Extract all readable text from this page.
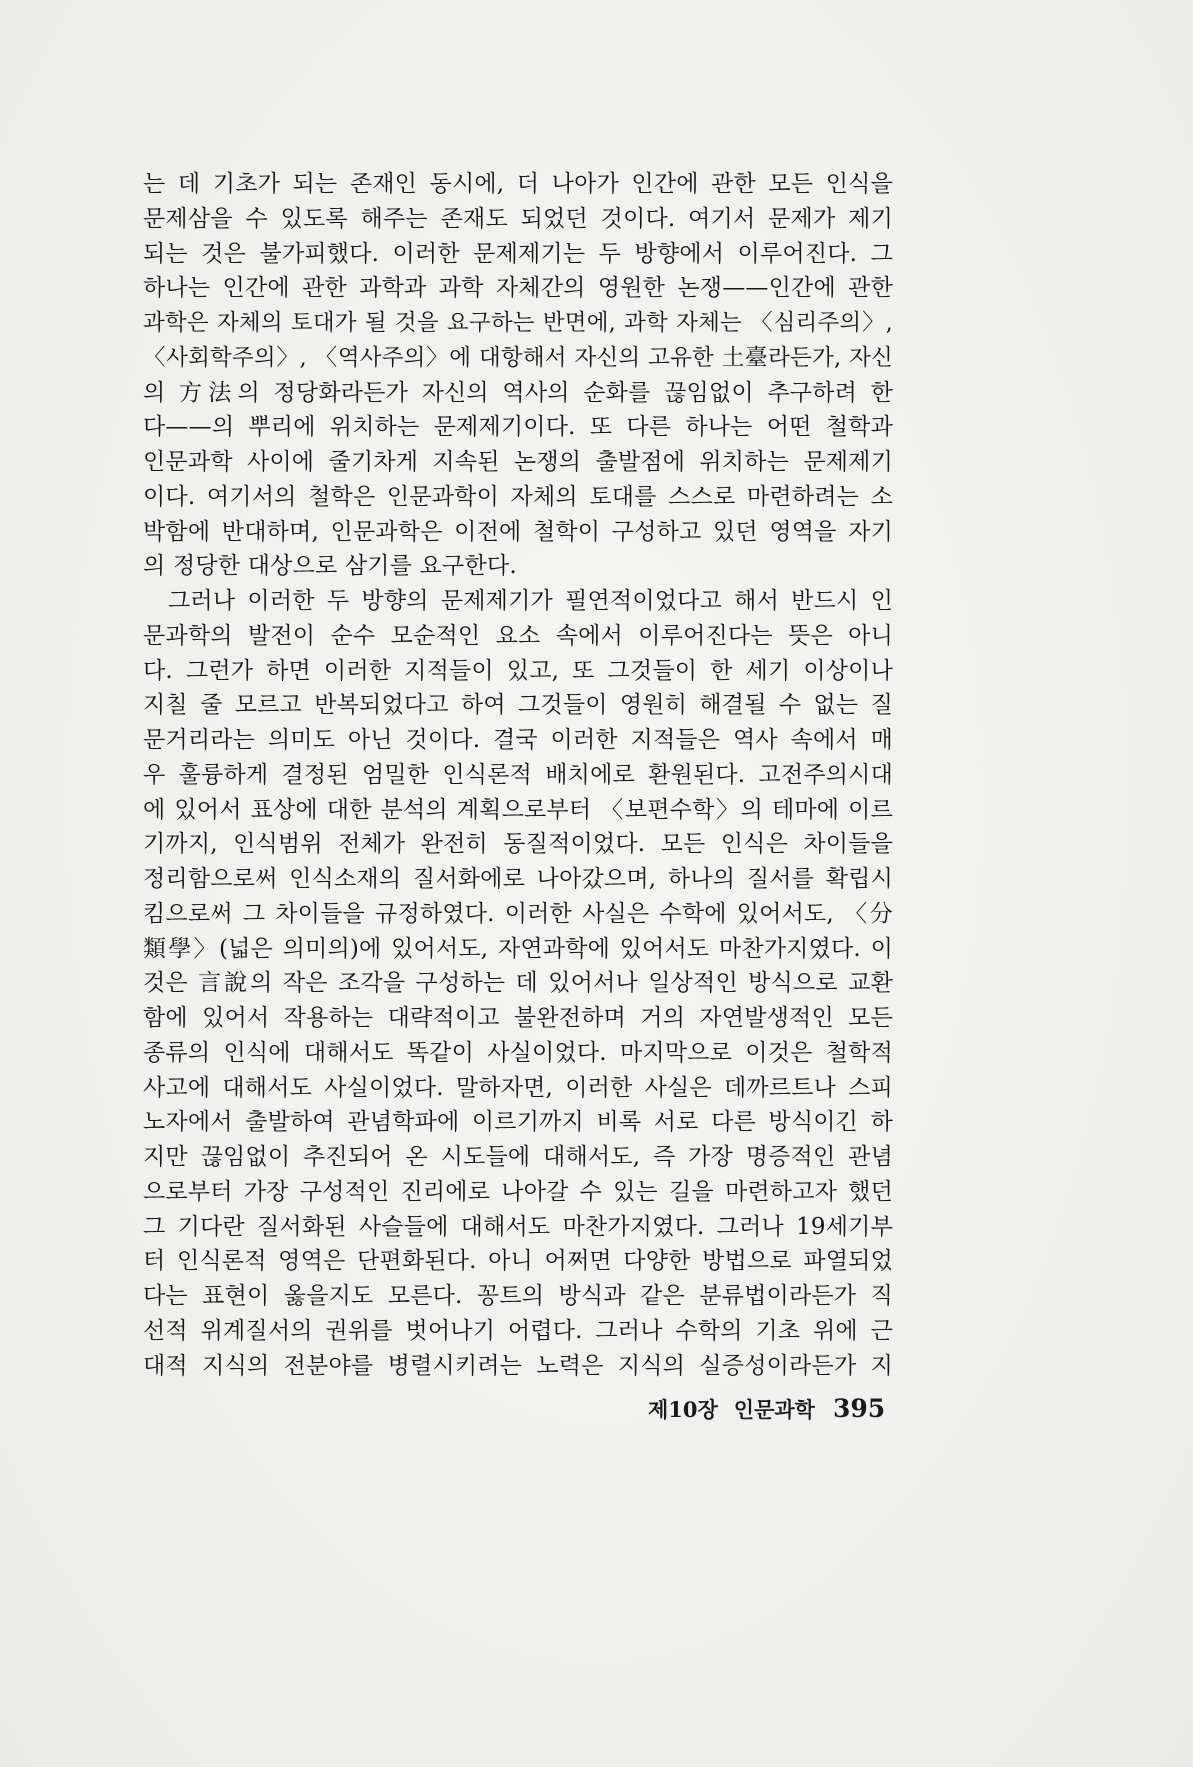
는 데 기초가 되는 존재인 동시에, 더 나아가 인간에 관한 모든 인식을
문제삼을 수 있도록 해주는 존재도 되었던 것이다. 여기서 문제가 제기
되는 것은 불가피했다. 이러한 문제제기는 두 방향에서 이루어진다. 그
하나는 인간에 관한 과학과 과학 자체간의 영원한 논쟁——인간에 관한
과학은 자체의 토대가 될 것을 요구하는 반면에, 과학 자체는 〈심리주의〉,
〈사회학주의〉, 〈역사주의〉에 대항해서 자신의 고유한 土臺라든가, 자신
의 方法의 정당화라든가 자신의 역사의 순화를 끊임없이 추구하려 한
다——의 뿌리에 위치하는 문제제기이다. 또 다른 하나는 어떤 철학과
인문과학 사이에 줄기차게 지속된 논쟁의 출발점에 위치하는 문제제기
이다. 여기서의 철학은 인문과학이 자체의 토대를 스스로 마련하려는 소
박함에 반대하며, 인문과학은 이전에 철학이 구성하고 있던 영역을 자기
의 정당한 대상으로 삼기를 요구한다.
그러나 이러한 두 방향의 문제제기가 필연적이었다고 해서 반드시 인
문과학의 발전이 순수 모순적인 요소 속에서 이루어진다는 뜻은 아니
다. 그런가 하면 이러한 지적들이 있고, 또 그것들이 한 세기 이상이나
지칠 줄 모르고 반복되었다고 하여 그것들이 영원히 해결될 수 없는 질
문거리라는 의미도 아닌 것이다. 결국 이러한 지적들은 역사 속에서 매
우 훌륭하게 결정된 엄밀한 인식론적 배치에로 환원된다. 고전주의시대
에 있어서 표상에 대한 분석의 계획으로부터 〈보편수학〉의 테마에 이르
기까지, 인식범위 전체가 완전히 동질적이었다. 모든 인식은 차이들을
정리함으로써 인식소재의 질서화에로 나아갔으며, 하나의 질서를 확립시
킴으로써 그 차이들을 규정하였다. 이러한 사실은 수학에 있어서도, 〈分
類學〉(넓은 의미의)에 있어서도, 자연과학에 있어서도 마찬가지였다. 이
것은 言說의 작은 조각을 구성하는 데 있어서나 일상적인 방식으로 교환
함에 있어서 작용하는 대략적이고 불완전하며 거의 자연발생적인 모든
종류의 인식에 대해서도 똑같이 사실이었다. 마지막으로 이것은 철학적
사고에 대해서도 사실이었다. 말하자면, 이러한 사실은 데까르트나 스피
노자에서 출발하여 관념학파에 이르기까지 비록 서로 다른 방식이긴 하
지만 끊임없이 추진되어 온 시도들에 대해서도, 즉 가장 명증적인 관념
으로부터 가장 구성적인 진리에로 나아갈 수 있는 길을 마련하고자 했던
그 기다란 질서화된 사슬들에 대해서도 마찬가지였다. 그러나 19세기부
터 인식론적 영역은 단편화된다. 아니 어쩌면 다양한 방법으로 파열되었
다는 표현이 옳을지도 모른다. 꽁트의 방식과 같은 분류법이라든가 직
선적 위계질서의 권위를 벗어나기 어렵다. 그러나 수학의 기초 위에 근
대적 지식의 전분야를 병렬시키려는 노력은 지식의 실증성이라든가 지
제10장 인문과학 395
